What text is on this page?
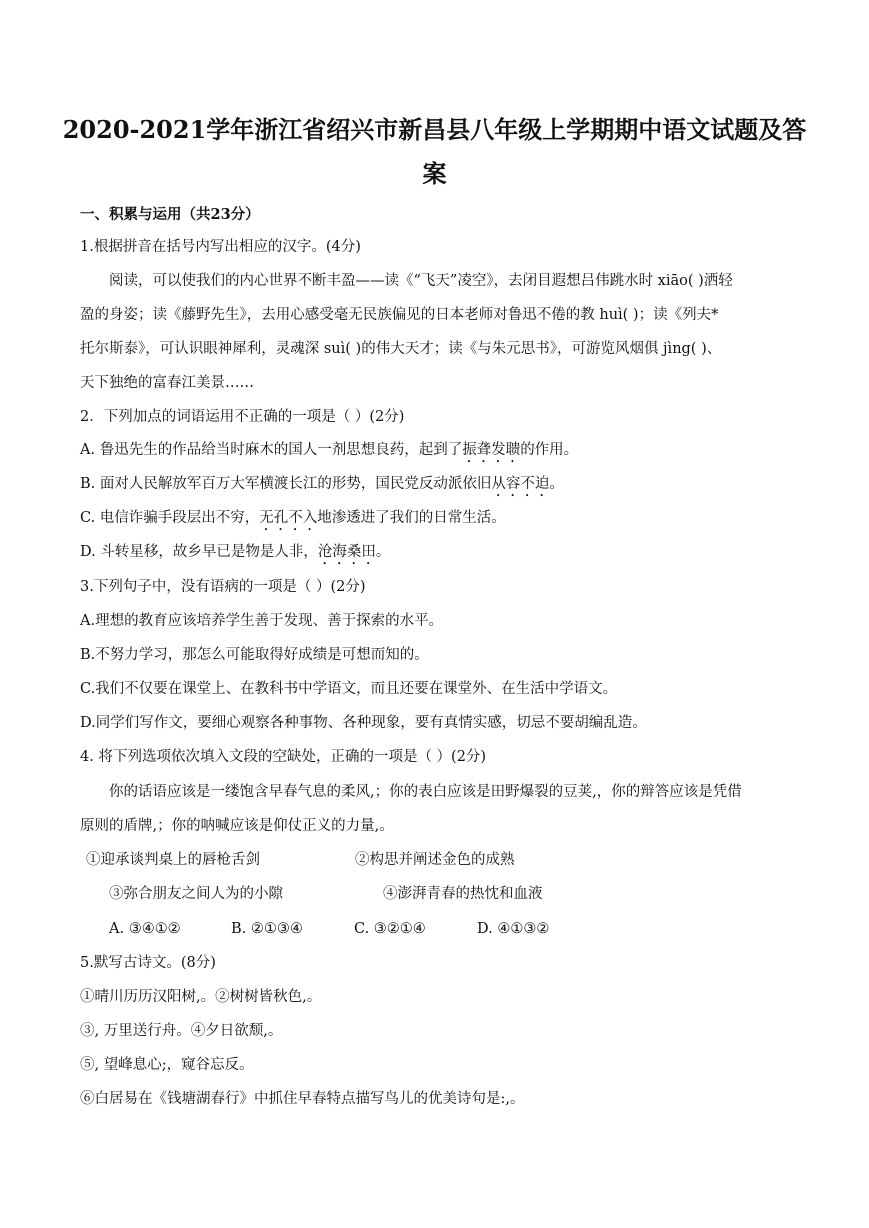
2020-2021学年浙江省绍兴市新昌县八年级上学期期中语文试题及答
案
一、积累与运用（共23分）
1.根据拼音在括号内写出相应的汉字。(4分)
阅读，可以使我们的内心世界不断丰盈——读《“飞天”凌空》，去闭目遐想吕伟跳水时 xiāo( )洒轻
盈的身姿；读《藤野先生》，去用心感受毫无民族偏见的日本老师对鲁迅不倦的教 huì( )；读《列夫*
托尔斯泰》，可认识眼神犀利，灵魂深 suì( )的伟大天才；读《与朱元思书》，可游览风烟俱 jìng( )、
天下独绝的富春江美景……
2．下列加点的词语运用不正确的一项是（ ）(2分)
A. 鲁迅先生的作品给当时麻木的国人一剂思想良药，起到了振聋发聩的作用。
B. 面对人民解放军百万大军横渡长江的形势，国民党反动派依旧从容不迫。
C. 电信诈骗手段层出不穷，无孔不入地渗透进了我们的日常生活。
D. 斗转星移，故乡早已是物是人非，沧海桑田。
3.下列句子中，没有语病的一项是（ ）(2分)
A.理想的教育应该培养学生善于发现、善于探索的水平。
B.不努力学习，那怎么可能取得好成绩是可想而知的。
C.我们不仅要在课堂上、在教科书中学语文，而且还要在课堂外、在生活中学语文。
D.同学们写作文，要细心观察各种事物、各种现象，要有真情实感，切忌不要胡编乱造。
4. 将下列选项依次填入文段的空缺处，正确的一项是（ ）(2分)
你的话语应该是一缕饱含早春气息的柔风,；你的表白应该是田野爆裂的豆荚,，你的辩答应该是凭借
原则的盾牌,；你的呐喊应该是仰仗正义的力量,。
①迎承谈判桌上的唇枪舌剑	②构思并阐述金色的成熟
③弥合朋友之间人为的小隙	④澎湃青春的热忱和血液
A. ③④①②	B. ②①③④	C. ③②①④	D. ④①③②
5.默写古诗文。(8分)
①晴川历历汉阳树,。②树树皆秋色,。
③, 万里送行舟。④夕日欲颓,。
⑤, 望峰息心;，窥谷忘反。
⑥白居易在《钱塘湖春行》中抓住早春特点描写鸟儿的优美诗句是:,。
